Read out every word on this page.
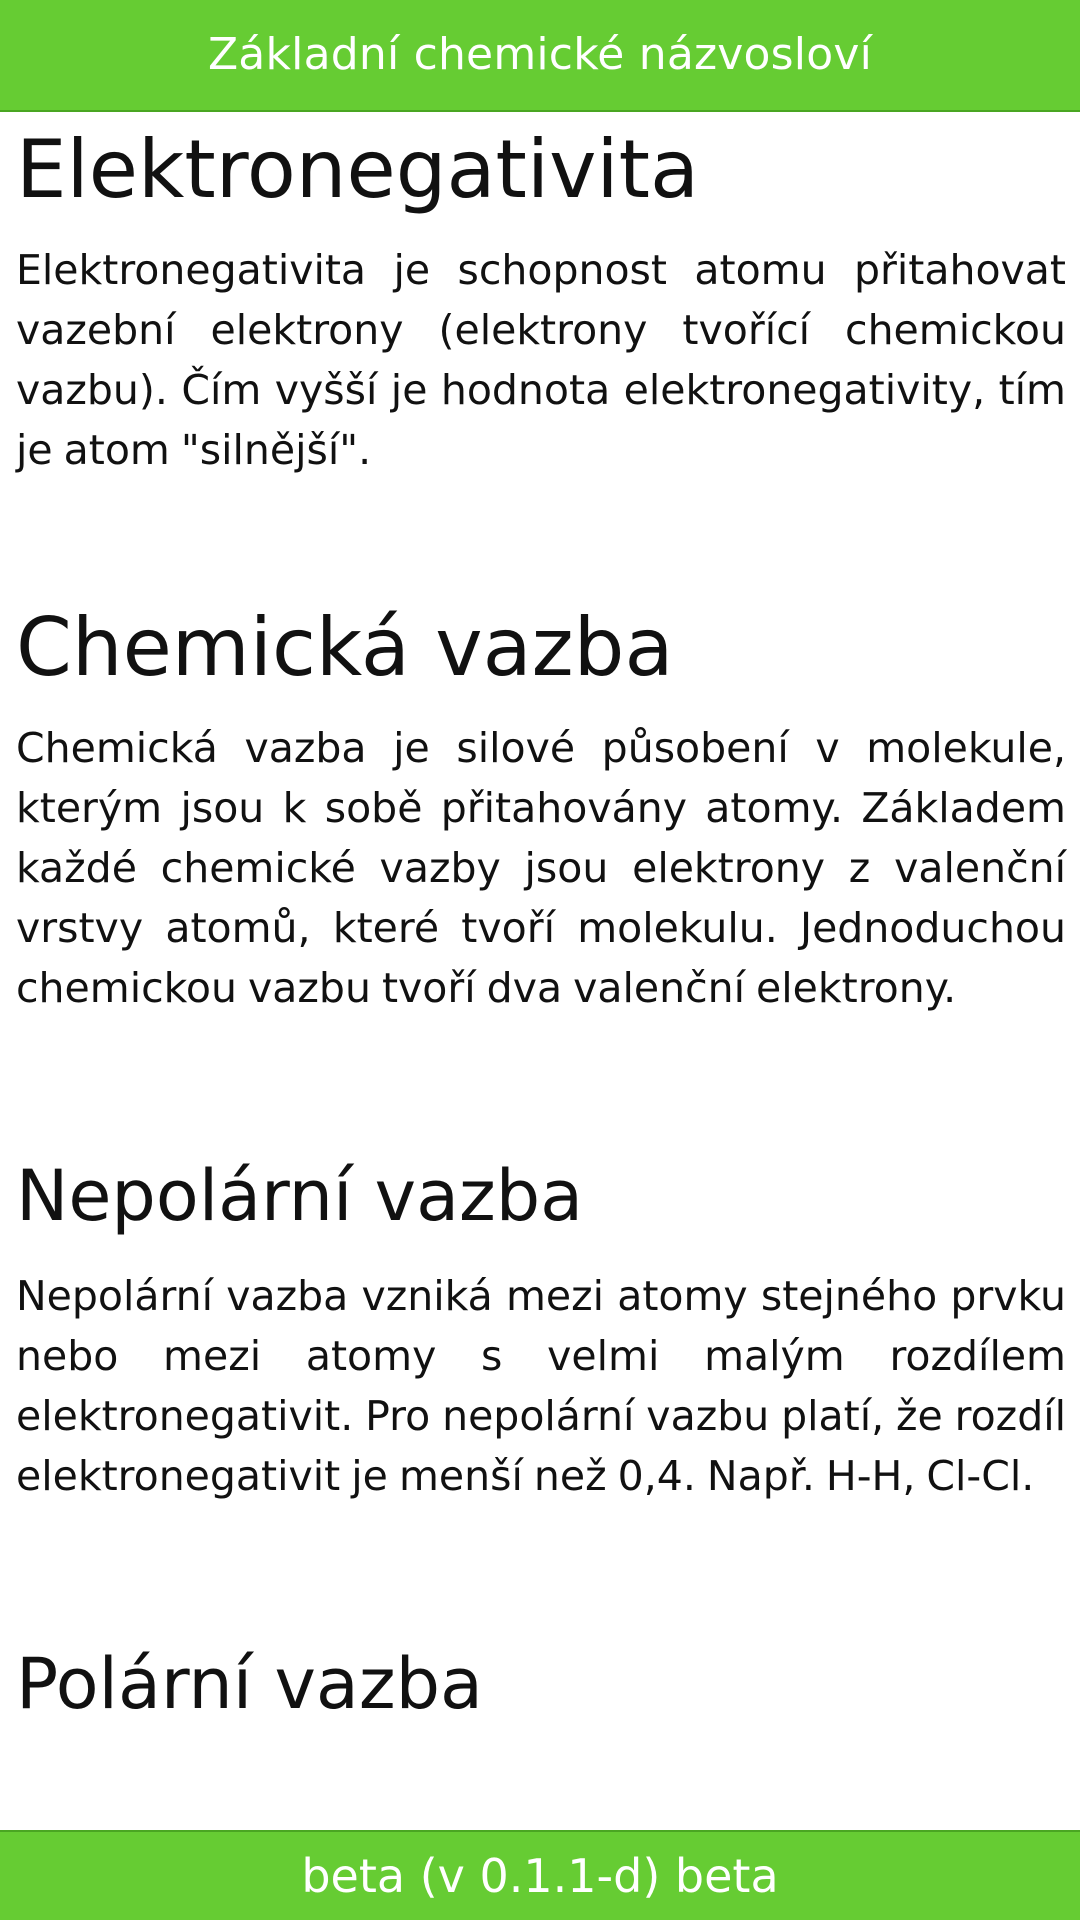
Základní chemické názvosloví
Elektronegativita

Elektronegativita je schopnost atomu přitahovat vazební elektrony (elektrony tvořící chemickou vazbu). Čím vyšší je hodnota elektronegativity, tím je atom "silnější".

Chemická vazba

Chemická vazba je silové působení v molekule, kterým jsou k sobě přitahovány atomy. Základem každé chemické vazby jsou elektrony z valenční vrstvy atomů, které tvoří molekulu. Jednoduchou chemickou vazbu tvoří dva valenční elektrony.

Nepolární vazba

Nepolární vazba vzniká mezi atomy stejného prvku nebo mezi atomy s velmi malým rozdílem elektronegativit. Pro nepolární vazbu platí, že rozdíl elektronegativit je menší než 0,4. Např. H-H, Cl-Cl.

Polární vazba
beta (v 0.1.1-d) beta
